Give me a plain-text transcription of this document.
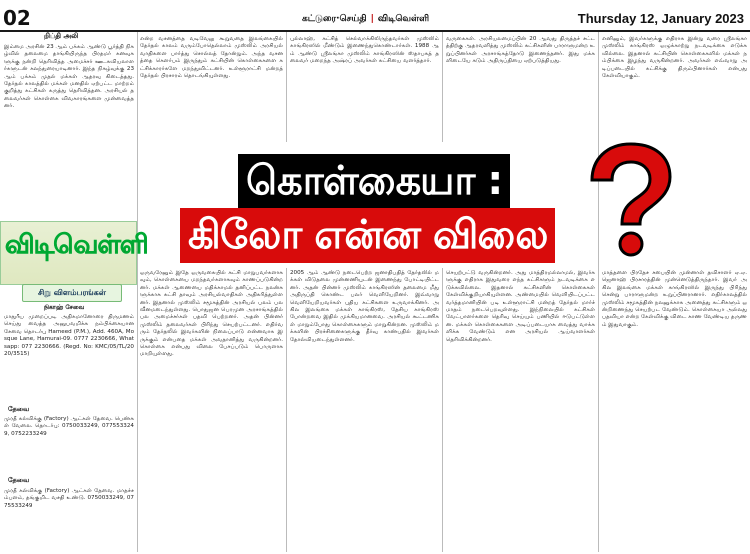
02	கட்டுரை·செய்தி | விடிவெள்ளி	Thursday 12, January 2023
றிப்தி அலி
இம்மை அரசின் 23 ஆம் பக்கம் ஆண்டு பூர்த்தி நிகழ்வில் தலைமை தாங்கியிருந்த பிரதமர் கனவுகளுக்கு நன்றி தெரிவித்த அமைச்சர் ஊடகவியலாளர்களுடன் கலந்துரையாடினார். இந்த நிகழ்வுக்கு 23 ஆம் பக்கம் முதல் மக்கள் ஆதரவு கிடைத்தது. தேர்தல் காலத்தில் மக்கள் மனதில் ஏற்பட்ட மாற்றம் குறித்து கட்சிகள் கருத்து தெரிவித்தன. அரசியல் தலைவர்கள் கொள்கை விவகாரங்களை முன்வைத்தனர்.
என்ற வசனத்தை வடிவேலு கூறுவதை இலங்கையில் தேர்தல் காலம் வரும்போதெல்லாம் முஸ்லிம் அரசியல் வாதிகளை பார்த்து சொல்லத் தோன்றும். அந்த வசனத்தை கெளர்பம் இருந்தும் கட்சியின் கொள்கைகளை கட்சிக்காரர்களே மறந்துவிட்டனர். உள்ளூராட்சி மன்றத் தேர்தல் பிரசாரம் தொடங்கியுள்ளது.
புல்லாஹ், கட்சித் செல்வாக்கிலிருந்தவர்கள் முஸ்லிம் காங்கிரஸில் மீண்டும் இணைந்துகொண்டார்கள். 1988 ஆம் ஆண்டு ஸ்ரீலங்கா முஸ்லிம் காங்கிரஸின் ஸ்தாபகத் தலைவர் மறைந்த அஷ்ரப் அவர்கள் கட்சியை வளர்த்தார்.
வருகைகள். அரசியலமைப்பின் 20 ஆவது திருத்தச் சட்டத்திற்கு ஆதரவளித்து முஸ்லிம் கட்சிகளின் பாராளுமன்ற உறுப்பினர்கள் அரசாங்கத்தோடு இணைந்தனர். இது மக்களிடையே கடும் அதிருப்தியை ஏற்படுத்தியது.
எனினும், இவர்களுக்கு எதிராக இன்று வரை ஸ்ரீலங்கா முஸ்லிம் காங்கிரஸ் ஒழுக்காற்று நடவடிக்கை எடுக்கவில்லை. இதனால் கட்சியின் கொள்கைகளில் மக்கள் நம்பிக்கை இழந்து வருகின்றனர். அவர்கள் எவ்வாறு அடிப்படையில் கட்சிக்கு திரும்பினார்கள் என்பது கேள்வியாகும்.
ஒருவரேனும் இதே ஒருவகையில் கட்சி மாறுபவர்களாகவும், கொள்கையை மறந்தவர்களாகவும் காணப்படுகின்றனர். மக்கள் ஆணையை மதிக்காமல் தனிப்பட்ட நலன்களுக்காக கட்சி தாவும் அரசியல்வாதிகள் அதிகரித்துள்ளனர். இதனால் முஸ்லிம் சமூகத்தின் அரசியல் பலம் பலவீனமடைந்துள்ளது. பொதுஜன பெரமுன அரசாங்கத்தில் பல அமைச்சர்கள் பதவி பெற்றனர். அதன் பின்னர் முஸ்லிம் தலைவர்கள் பிரிந்து செயற்பட்டனர். எதிர்வரும் தேர்தலில் இவர்களின் நிலைப்பாடு என்னவாக இருக்கும் என்பதை மக்கள் அவதானித்து வருகின்றனர். கொள்கை என்பது விலை பேசப்படும் பொருளாக மாறியுள்ளது.
2005 ஆம் ஆண்டு நடைபெற்ற ஜனாதிபதித் தேர்தலில் மக்கள் விடுதலை முன்னணியுடன் இணைந்து போட்டியிட்டனர். அதன் பின்னர் முஸ்லிம் காங்கிரஸின் தலைமை மீது அதிருப்தி கொண்ட பலர் வெளியேறினர். இவ்வாறு வெளியேறியவர்கள் புதிய கட்சிகளை உருவாக்கினர். அகில இலங்கை மக்கள் காங்கிரஸ், தேசிய காங்கிரஸ் போன்றவை இதில் முக்கியமானவை. அரசியல் கூட்டணிகள் மாறும்போது கொள்கைகளும் மாறுகின்றன. முஸ்லிம் மக்களின் பிரச்சினைகளுக்கு தீர்வு காண்பதில் இவர்கள் தோல்வியடைந்துள்ளனர்.
செயற்பட்டு வருகின்றனர். அது மாத்திரமல்லாமல், இவர்களுக்கு எதிராக இதுவரை எந்த கட்சிகளும் நடவடிக்கை எடுக்கவில்லை. இதனால் கட்சிகளின் கொள்கைகள் கேள்விக்குறியாகியுள்ளன. அண்மையில் வெளியிடப்பட்ட வர்த்தமானியின் படி உள்ளூராட்சி மன்றத் தேர்தல் மார்ச் மாதம் நடைபெறவுள்ளது. இந்நிலையில் கட்சிகள் வேட்பாளர்களை தெரிவு செய்யும் பணியில் ஈடுபட்டுள்ளன. மக்கள் கொள்கைகளை அடிப்படையாக வைத்து வாக்களிக்க வேண்டும் என அரசியல் ஆய்வாளர்கள் தெரிவிக்கின்றனர்.
மாத்தளை பிரதேச சபையின் முன்னாள் தவிசாளர் ஏ.ஏ. ஜெனாஹ் பிரசாரத்தின் முன்னெடுத்திருந்தார். இவர் அகில இலங்கை மக்கள் காங்கிரஸில் இருந்து பிரிந்து சென்று பாராளுமன்ற உறுப்பினரானார். எதிர்காலத்தில் முஸ்லிம் சமூகத்தின் நலனுக்காக அனைத்து கட்சிகளும் ஒன்றிணைந்து செயற்பட வேண்டும். கொள்கையா அல்லது பதவியா என்ற கேள்விக்கு விடை காண வேண்டிய தருணம் இதுவாகும்.
கொள்கையா :
கிலோ என்ன விலை
விடிவெள்ளி
சிறு விளம்பரங்கள்
நிகாஹ் சேவை
மாதுரீய முறைப்படி அதிகமானோரை திருமணம் செய்து வைத்த அனுபவமிக்க நம்பிக்கையான சேவை தொடர்பு Hameed (P.M.), Add. 460A, Mosque Lane, Hamurai-09. 0777 2230666, Whatsapp: 077 2230666. (Regd. No: KMC/05/TL/2020/3515)
தேவை
முரதீ கல்விக்கு (Factory) ஆட்கள் தேவை. பெண்கள் வேலை. தொடர்பு: 0750033249, 0775533249, 0752233249
தேவை
முரதீ கல்விக்கு (Factory) ஆட்கள் தேவை. மாதச்சம்பளம், தங்குமிட வசதி உண்டு. 0750033249, 0775533249
